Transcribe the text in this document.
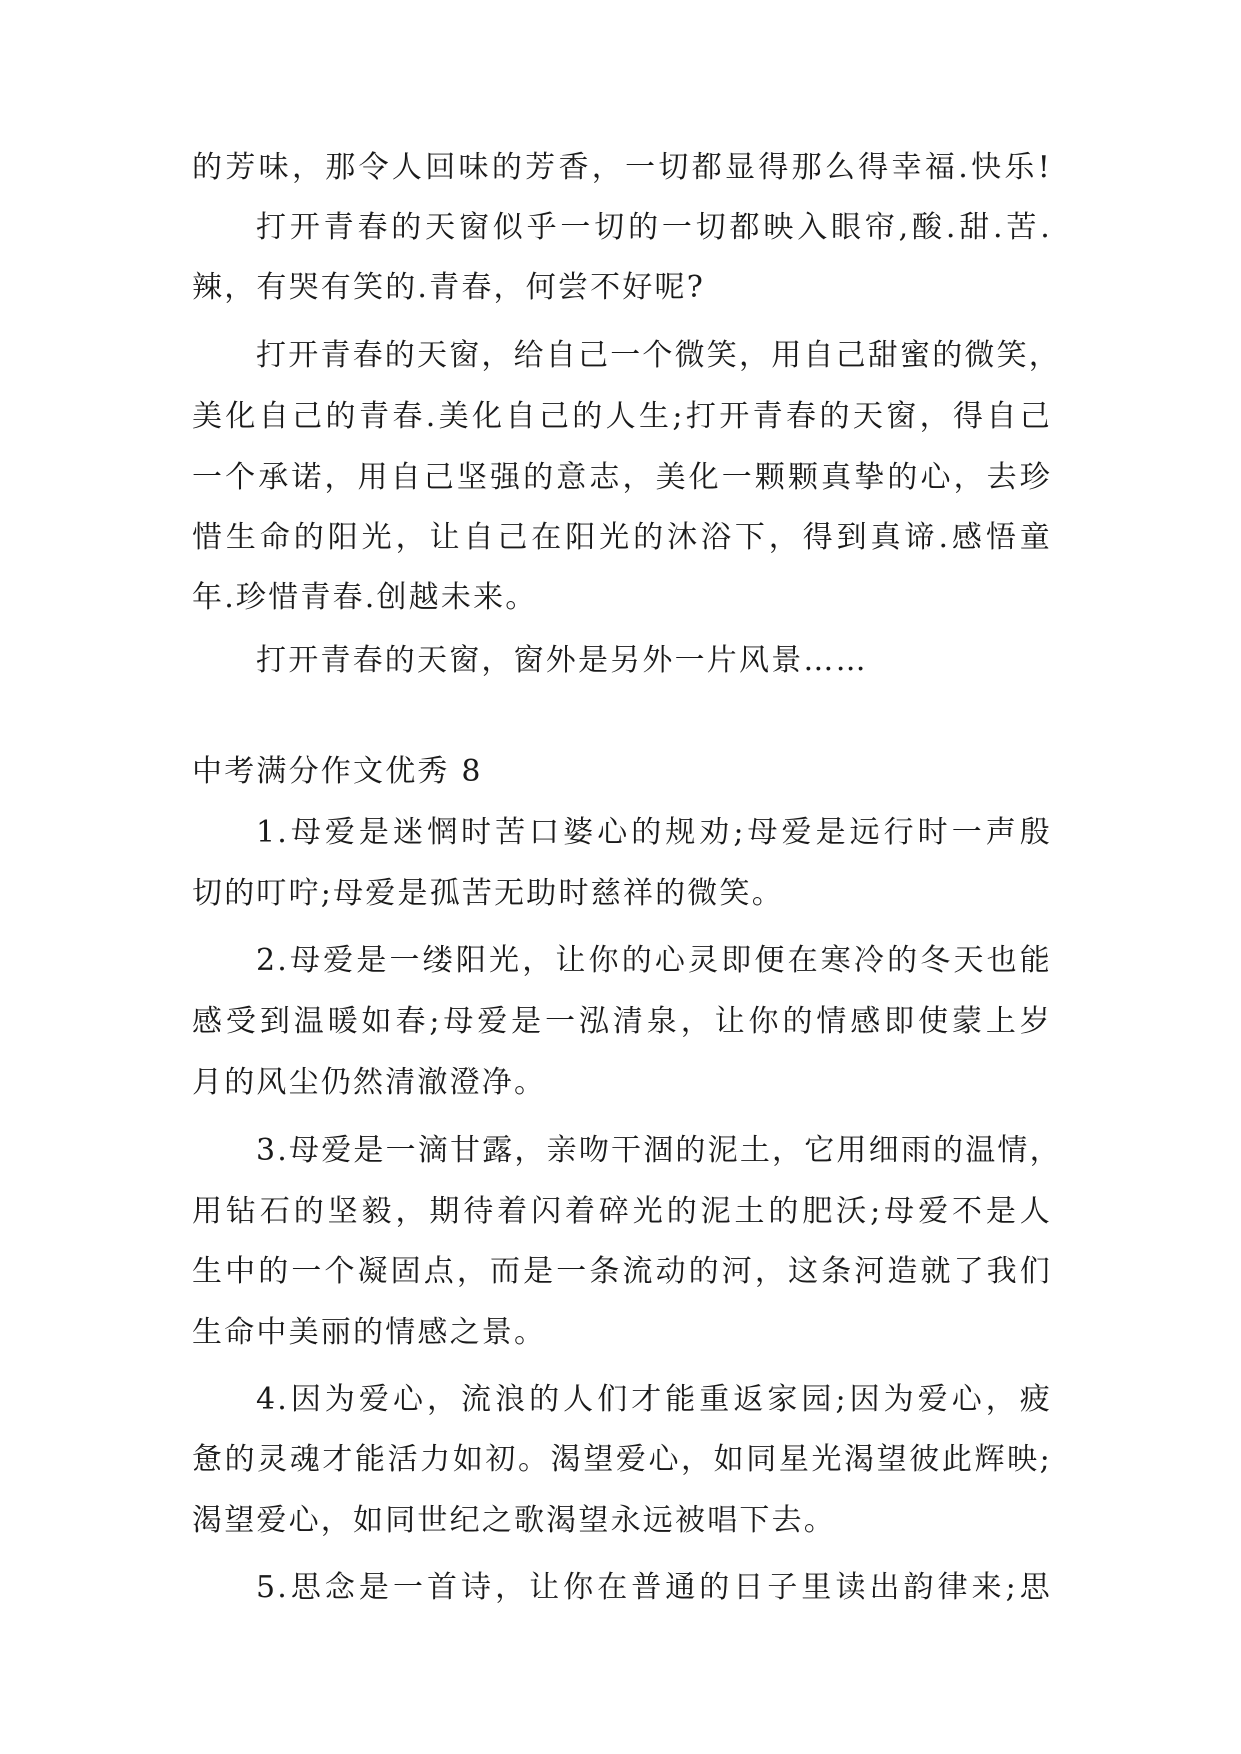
的芳味，那令人回味的芳香，一切都显得那么得幸福.快乐!
打开青春的天窗似乎一切的一切都映入眼帘,酸.甜.苦.
辣，有哭有笑的.青春，何尝不好呢?
打开青春的天窗，给自己一个微笑，用自己甜蜜的微笑，
美化自己的青春.美化自己的人生;打开青春的天窗，得自己
一个承诺，用自己坚强的意志，美化一颗颗真挚的心，去珍
惜生命的阳光，让自己在阳光的沐浴下，得到真谛.感悟童
年.珍惜青春.创越未来。
打开青春的天窗，窗外是另外一片风景……
中考满分作文优秀 8
1.母爱是迷惘时苦口婆心的规劝;母爱是远行时一声殷
切的叮咛;母爱是孤苦无助时慈祥的微笑。
2.母爱是一缕阳光，让你的心灵即便在寒冷的冬天也能
感受到温暖如春;母爱是一泓清泉，让你的情感即使蒙上岁
月的风尘仍然清澈澄净。
3.母爱是一滴甘露，亲吻干涸的泥土，它用细雨的温情，
用钻石的坚毅，期待着闪着碎光的泥土的肥沃;母爱不是人
生中的一个凝固点，而是一条流动的河，这条河造就了我们
生命中美丽的情感之景。
4.因为爱心，流浪的人们才能重返家园;因为爱心，疲
惫的灵魂才能活力如初。渴望爱心，如同星光渴望彼此辉映;
渴望爱心，如同世纪之歌渴望永远被唱下去。
5.思念是一首诗，让你在普通的日子里读出韵律来;思
